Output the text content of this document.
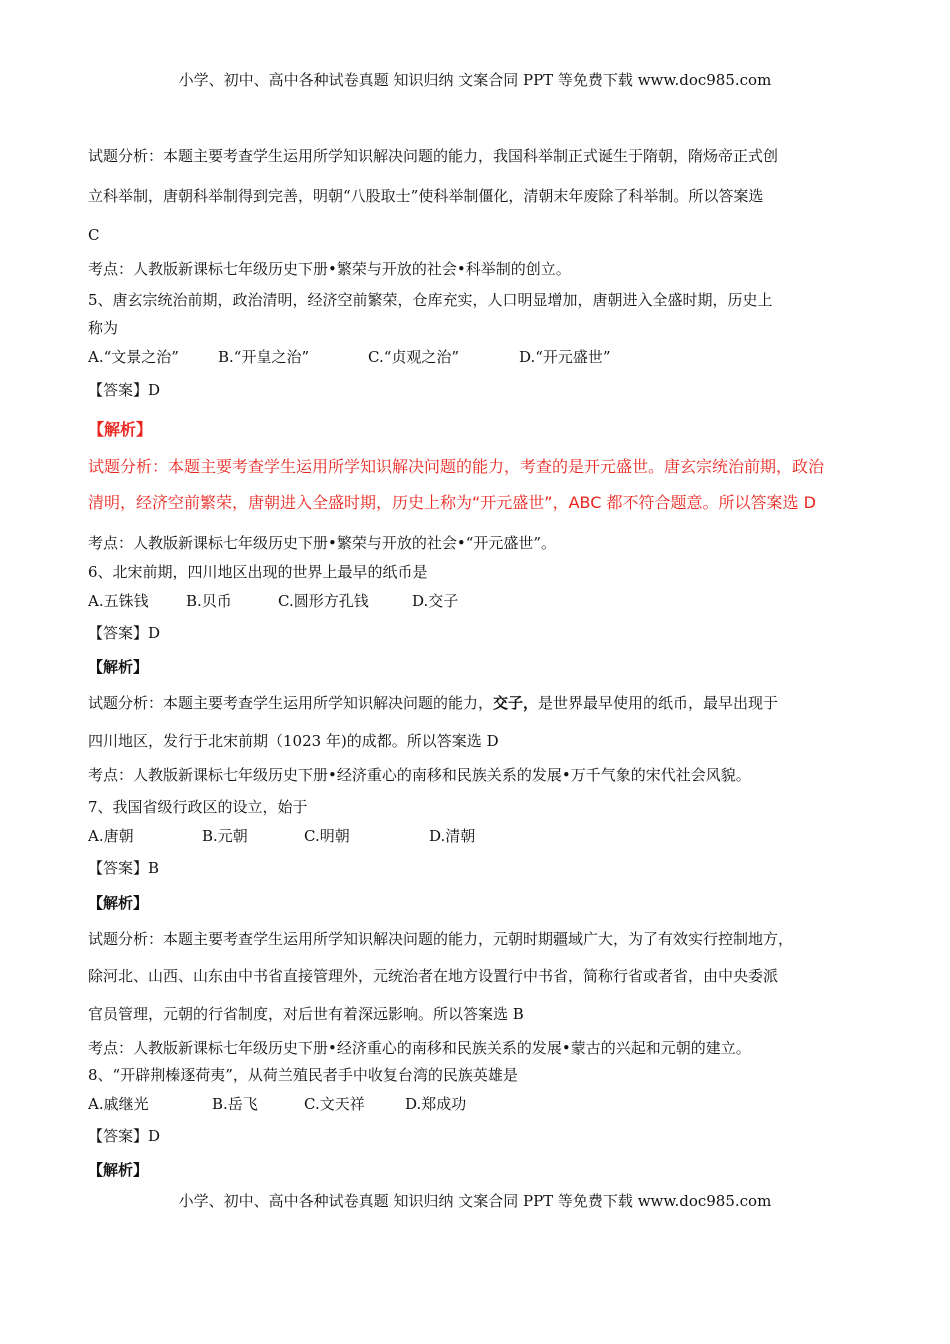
小学、初中、高中各种试卷真题 知识归纳 文案合同 PPT 等免费下载 www.doc985.com
试题分析：本题主要考查学生运用所学知识解决问题的能力，我国科举制正式诞生于隋朝，隋炀帝正式创
立科举制，唐朝科举制得到完善，明朝“八股取士”使科举制僵化，清朝末年废除了科举制。所以答案选
C
考点：人教版新课标七年级历史下册•繁荣与开放的社会•科举制的创立。
5、唐玄宗统治前期，政治清明，经济空前繁荣，仓库充实，人口明显增加，唐朝进入全盛时期，历史上
称为
A.“文景之治”	B.“开皇之治”	C.“贞观之治”	D.“开元盛世”
【答案】D
【解析】
试题分析：本题主要考查学生运用所学知识解决问题的能力，考查的是开元盛世。唐玄宗统治前期，政治
清明，经济空前繁荣，唐朝进入全盛时期，历史上称为“开元盛世”，ABC 都不符合题意。所以答案选 D
考点：人教版新课标七年级历史下册•繁荣与开放的社会•“开元盛世”。
6、北宋前期，四川地区出现的世界上最早的纸币是
A.五铢钱 B.贝币	C.圆形方孔钱	D.交子
【答案】D
【解析】
试题分析：本题主要考查学生运用所学知识解决问题的能力，交子，是世界最早使用的纸币，最早出现于
四川地区，发行于北宋前期（1023 年)的成都。所以答案选 D
考点：人教版新课标七年级历史下册•经济重心的南移和民族关系的发展•万千气象的宋代社会风貌。
7、我国省级行政区的设立，始于
A.唐朝	B.元朝	C.明朝	D.清朝
【答案】B
【解析】
试题分析：本题主要考查学生运用所学知识解决问题的能力，元朝时期疆域广大，为了有效实行控制地方，
除河北、山西、山东由中书省直接管理外，元统治者在地方设置行中书省，简称行省或者省，由中央委派
官员管理，元朝的行省制度，对后世有着深远影响。所以答案选 B
考点：人教版新课标七年级历史下册•经济重心的南移和民族关系的发展•蒙古的兴起和元朝的建立。
8、“开辟荆榛逐荷夷”，从荷兰殖民者手中收复台湾的民族英雄是
A.戚继光	B.岳飞	C.文天祥	D.郑成功
【答案】D
【解析】
小学、初中、高中各种试卷真题 知识归纳 文案合同 PPT 等免费下载 www.doc985.com
